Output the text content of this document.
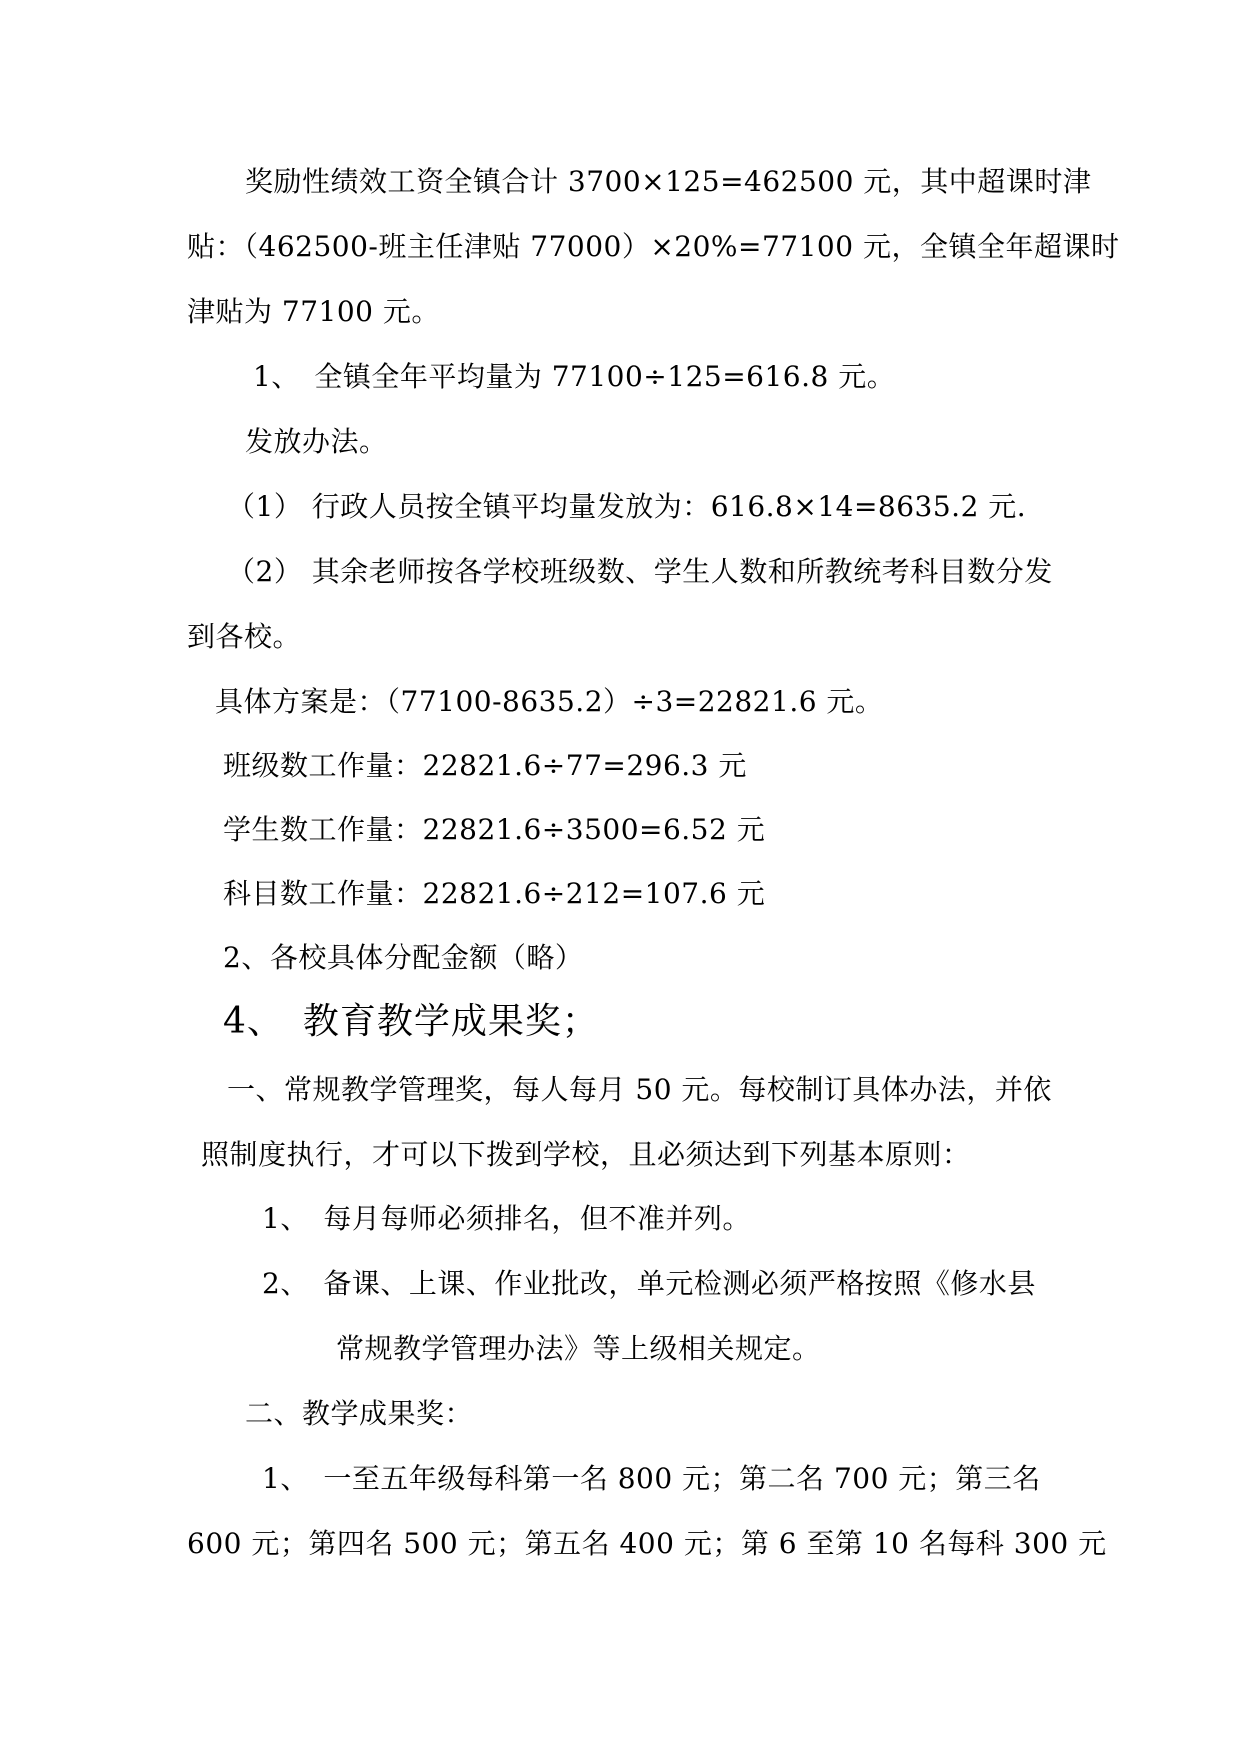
奖励性绩效工资全镇合计 3700×125=462500 元，其中超课时津
贴：（462500-班主任津贴 77000）×20%=77100 元，全镇全年超课时
津贴为 77100 元。
1、　全镇全年平均量为 77100÷125=616.8 元。
发放办法。
（1） 行政人员按全镇平均量发放为：616.8×14=8635.2 元.
（2） 其余老师按各学校班级数、学生人数和所教统考科目数分发
到各校。
具体方案是：（77100-8635.2）÷3=22821.6 元。
班级数工作量：22821.6÷77=296.3 元
学生数工作量：22821.6÷3500=6.52 元
科目数工作量：22821.6÷212=107.6 元
2、各校具体分配金额（略）
4、　教育教学成果奖；
一、常规教学管理奖，每人每月 50 元。每校制订具体办法，并依
照制度执行，才可以下拨到学校，且必须达到下列基本原则：
1、　每月每师必须排名，但不准并列。
2、　备课、上课、作业批改，单元检测必须严格按照《修水县
常规教学管理办法》等上级相关规定。
二、教学成果奖：
1、　一至五年级每科第一名 800 元；第二名 700 元；第三名
600 元；第四名 500 元；第五名 400 元；第 6 至第 10 名每科 300 元
